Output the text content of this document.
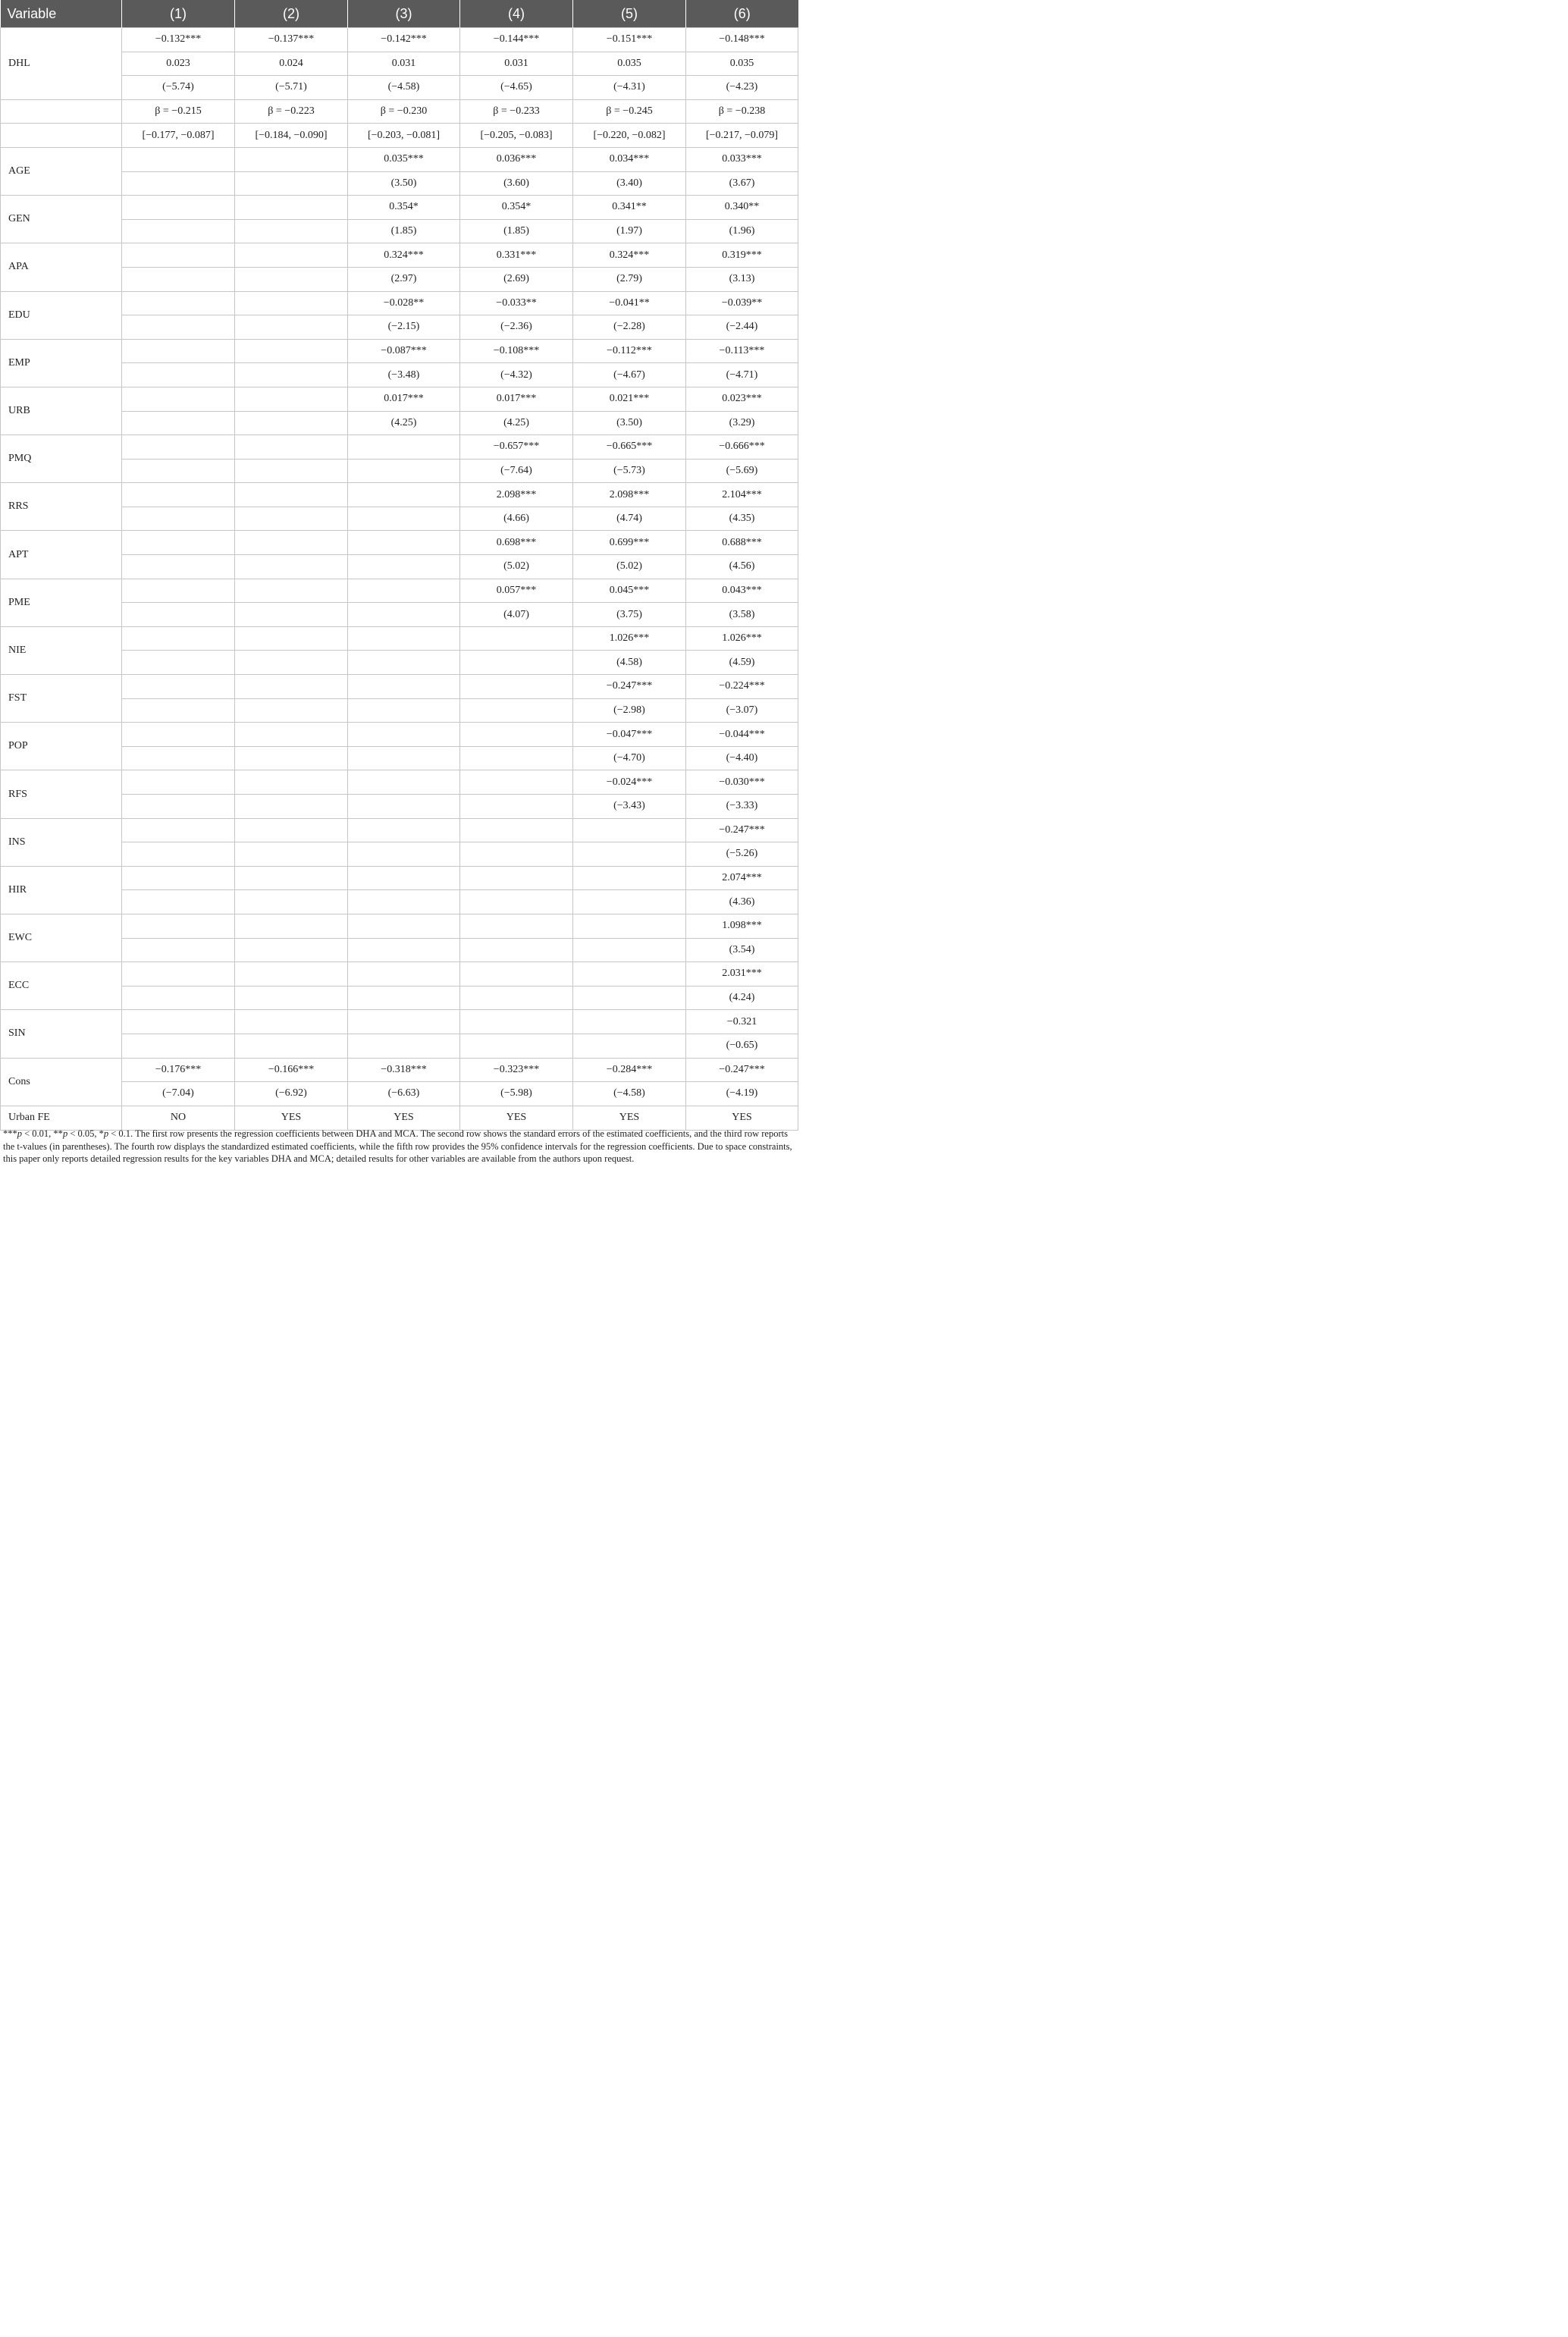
Variable	(1)	(2)	(3)	(4)	(5)	(6)
DHL	−0.132***	−0.137***	−0.142***	−0.144***	−0.151***	−0.148***
	0.023	0.024	0.031	0.031	0.035	0.035
	(−5.74)	(−5.71)	(−4.58)	(−4.65)	(−4.31)	(−4.23)
	β = −0.215	β = −0.223	β = −0.230	β = −0.233	β = −0.245	β = −0.238
	[−0.177, −0.087]	[−0.184, −0.090]	[−0.203, −0.081]	[−0.205, −0.083]	[−0.220, −0.082]	[−0.217, −0.079]
AGE			0.035***	0.036***	0.034***	0.033***
			(3.50)	(3.60)	(3.40)	(3.67)
GEN			0.354*	0.354*	0.341**	0.340**
			(1.85)	(1.85)	(1.97)	(1.96)
APA			0.324***	0.331***	0.324***	0.319***
			(2.97)	(2.69)	(2.79)	(3.13)
EDU			−0.028**	−0.033**	−0.041**	−0.039**
			(−2.15)	(−2.36)	(−2.28)	(−2.44)
EMP			−0.087***	−0.108***	−0.112***	−0.113***
			(−3.48)	(−4.32)	(−4.67)	(−4.71)
URB			0.017***	0.017***	0.021***	0.023***
			(4.25)	(4.25)	(3.50)	(3.29)
PMQ				−0.657***	−0.665***	−0.666***
				(−7.64)	(−5.73)	(−5.69)
RRS				2.098***	2.098***	2.104***
				(4.66)	(4.74)	(4.35)
APT				0.698***	0.699***	0.688***
				(5.02)	(5.02)	(4.56)
PME				0.057***	0.045***	0.043***
				(4.07)	(3.75)	(3.58)
NIE					1.026***	1.026***
					(4.58)	(4.59)
FST					−0.247***	−0.224***
					(−2.98)	(−3.07)
POP					−0.047***	−0.044***
					(−4.70)	(−4.40)
RFS					−0.024***	−0.030***
					(−3.43)	(−3.33)
INS						−0.247***
						(−5.26)
HIR						2.074***
						(4.36)
EWC						1.098***
						(3.54)
ECC						2.031***
						(4.24)
SIN						−0.321
						(−0.65)
Cons	−0.176***	−0.166***	−0.318***	−0.323***	−0.284***	−0.247***
	(−7.04)	(−6.92)	(−6.63)	(−5.98)	(−4.58)	(−4.19)
Urban FE	NO	YES	YES	YES	YES	YES
***p < 0.01, **p < 0.05, *p < 0.1. The first row presents the regression coefficients between DHA and MCA. The second row shows the standard errors of the estimated coefficients, and the third row reports the t-values (in parentheses). The fourth row displays the standardized estimated coefficients, while the fifth row provides the 95% confidence intervals for the regression coefficients. Due to space constraints, this paper only reports detailed regression results for the key variables DHA and MCA; detailed results for other variables are available from the authors upon request.
